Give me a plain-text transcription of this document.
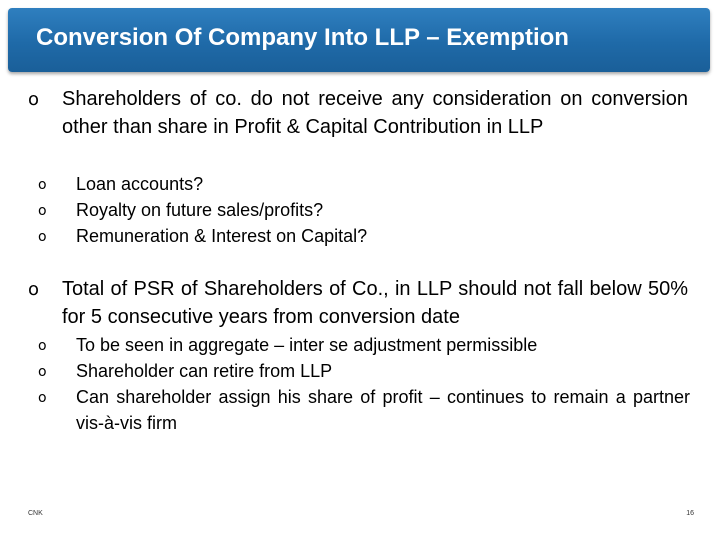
Conversion Of Company Into LLP – Exemption
o Shareholders of co. do not receive any consideration on conversion other than share in Profit & Capital Contribution in LLP
o Loan accounts?
o Royalty on future sales/profits?
o Remuneration & Interest on Capital?
o Total of PSR of Shareholders of Co., in LLP should not fall below 50% for 5 consecutive years from conversion date
o To be seen in aggregate – inter se adjustment permissible
o Shareholder can retire from LLP
o Can shareholder assign his share of profit – continues to remain a partner vis-à-vis firm
CNK	16
